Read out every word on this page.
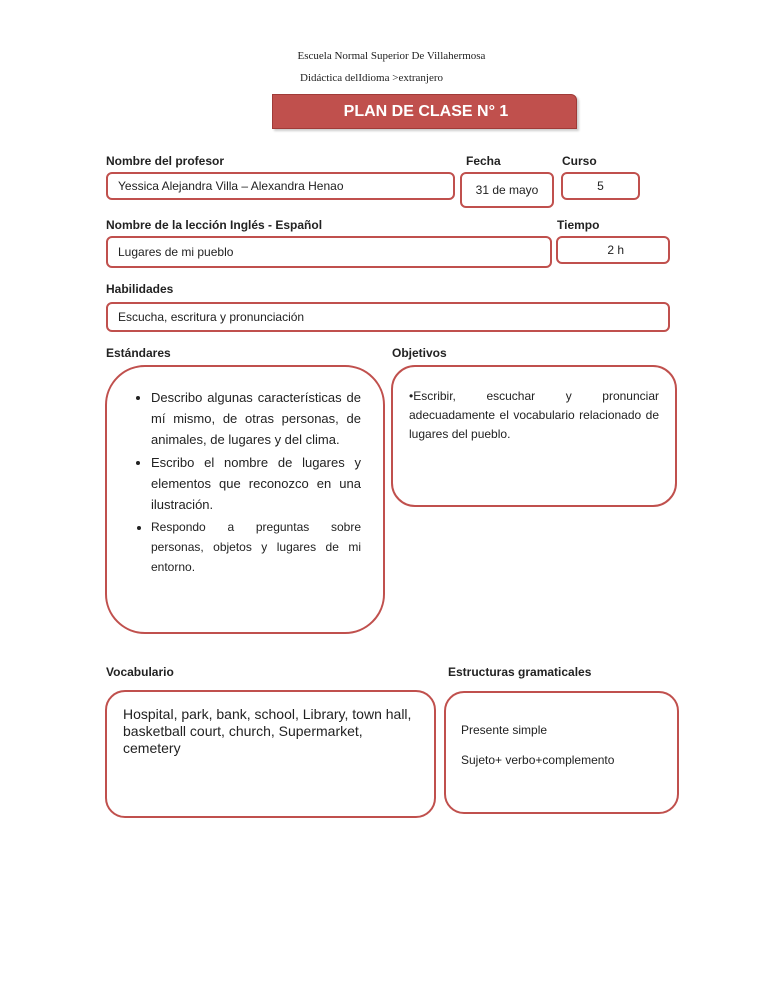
Escuela Normal Superior De Villahermosa
Didáctica delIdioma >extranjero
PLAN DE CLASE N° 1
Nombre del profesor	Fecha	Curso
Yessica Alejandra Villa – Alexandra Henao	31 de mayo	5
Nombre de la lección Inglés - Español	Tiempo
Lugares de mi pueblo	2 h
Habilidades
Escucha, escritura y pronunciación
Estándares	Objetivos
• Describo algunas características de mí mismo, de otras personas, de animales, de lugares y del clima.
• Escribo el nombre de lugares y elementos que reconozco en una ilustración.
• Respondo a preguntas sobre personas, objetos y lugares de mi entorno.
•Escribir, escuchar y pronunciar adecuadamente el vocabulario relacionado de lugares del pueblo.
Vocabulario	Estructuras gramaticales
Hospital, park, bank, school, Library, town hall, basketball court, church, Supermarket, cemetery
Presente simple
Sujeto+ verbo+complemento
